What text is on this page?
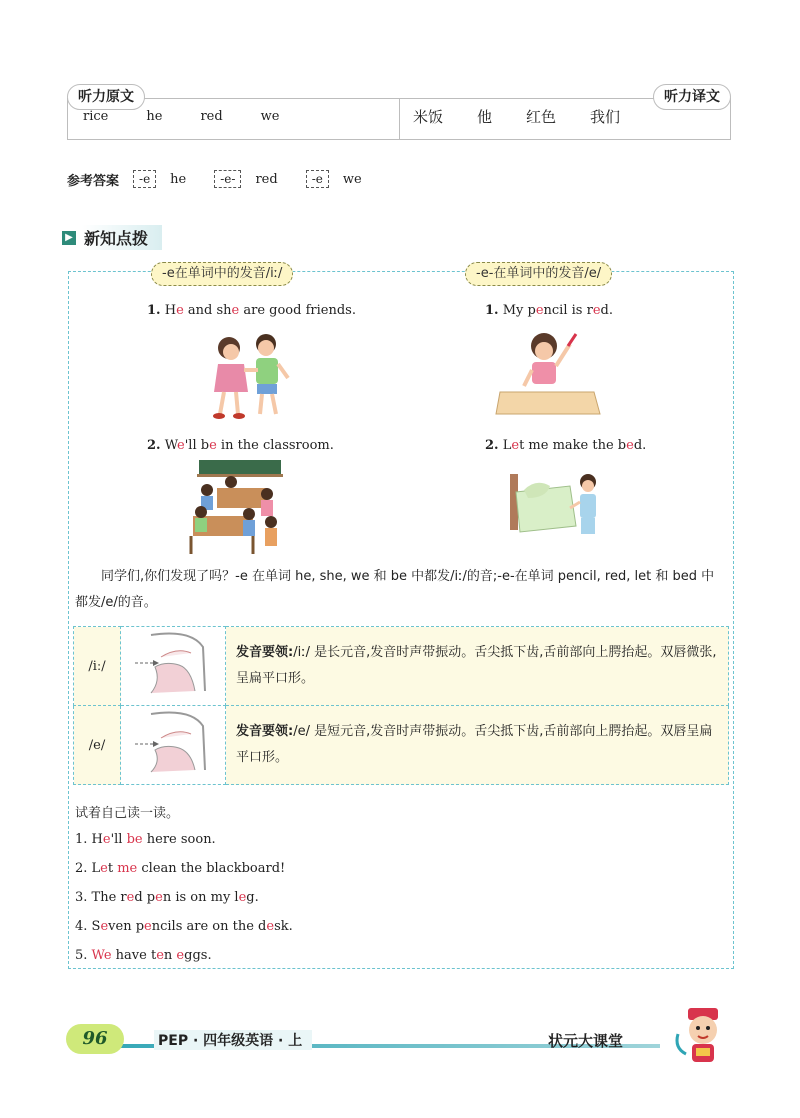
听力原文	听力译文
rice	he	red	we	米饭 他 红色 我们
参考答案	-e	he	-e-	red	-e	we
▶ 新知点拨
-e在单词中的发音/iː/	-e-在单词中的发音/e/
1. He and she are good friends.	1. My pencil is red.
2. We'll be in the classroom.	2. Let me make the bed.
同学们,你们发现了吗？-e 在单词 he, she, we 和 be 中都发/iː/的音;-e-在单词 pencil, red, let 和 bed 中都发/e/的音。
/iː/		发音要领:/iː/ 是长元音,发音时声带振动。舌尖抵下齿,舌前部向上腭抬起。双唇微张,呈扁平口形。
/e/		发音要领:/e/ 是短元音,发音时声带振动。舌尖抵下齿,舌前部向上腭抬起。双唇呈扁平口形。
试着自己读一读。
1. He'll be here soon.
2. Let me clean the blackboard!
3. The red pen is on my leg.
4. Seven pencils are on the desk.
5. We have ten eggs.
96	PEP · 四年级英语 · 上	状元大课堂
